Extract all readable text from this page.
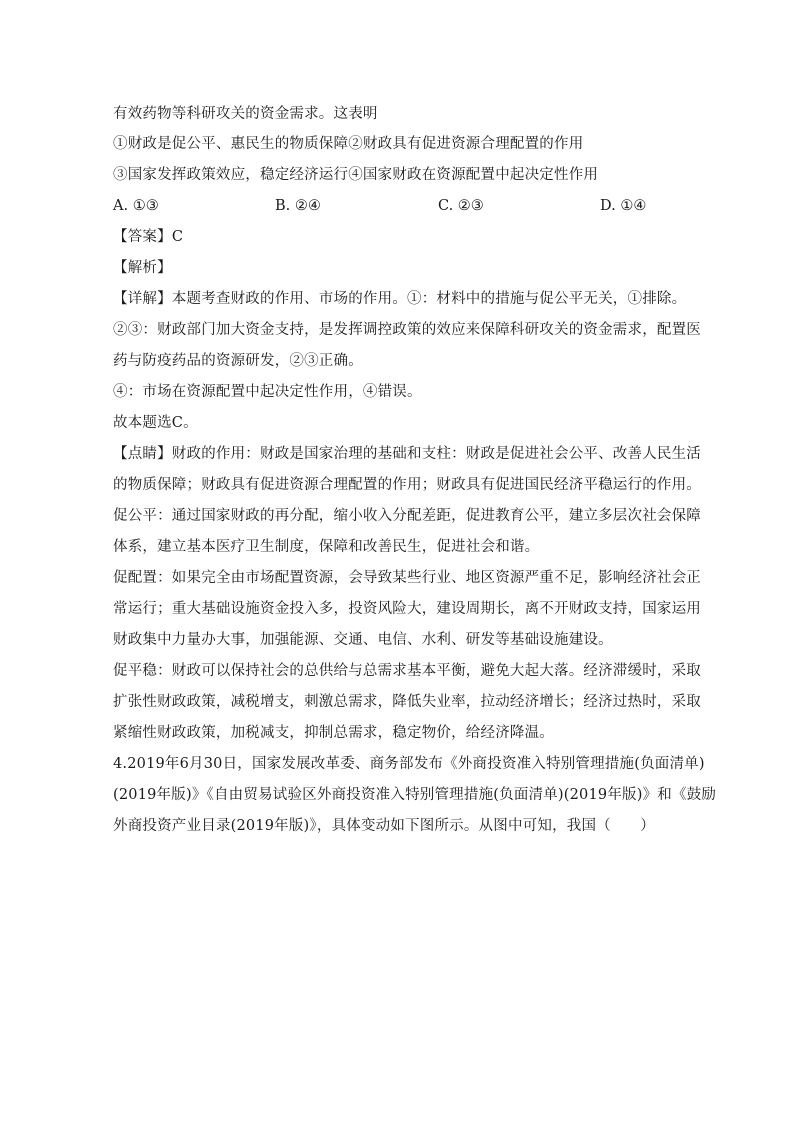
有效药物等科研攻关的资金需求。这表明
①财政是促公平、惠民生的物质保障②财政具有促进资源合理配置的作用
③国家发挥政策效应，稳定经济运行④国家财政在资源配置中起决定性作用
A. ①③	B. ②④	C. ②③	D. ①④
【答案】C
【解析】
【详解】本题考查财政的作用、市场的作用。①：材料中的措施与促公平无关，①排除。
②③：财政部门加大资金支持，是发挥调控政策的效应来保障科研攻关的资金需求，配置医
药与防疫药品的资源研发，②③正确。
④：市场在资源配置中起决定性作用，④错误。
故本题选C。
【点睛】财政的作用：财政是国家治理的基础和支柱：财政是促进社会公平、改善人民生活
的物质保障；财政具有促进资源合理配置的作用；财政具有促进国民经济平稳运行的作用。
促公平：通过国家财政的再分配，缩小收入分配差距，促进教育公平，建立多层次社会保障
体系，建立基本医疗卫生制度，保障和改善民生，促进社会和谐。
促配置：如果完全由市场配置资源，会导致某些行业、地区资源严重不足，影响经济社会正
常运行；重大基础设施资金投入多，投资风险大，建设周期长，离不开财政支持，国家运用
财政集中力量办大事，加强能源、交通、电信、水利、研发等基础设施建设。
促平稳：财政可以保持社会的总供给与总需求基本平衡，避免大起大落。经济滞缓时，采取
扩张性财政政策，减税增支，刺激总需求，降低失业率，拉动经济增长；经济过热时，采取
紧缩性财政政策，加税减支，抑制总需求，稳定物价，给经济降温。
4.2019年6月30日，国家发展改革委、商务部发布《外商投资准入特别管理措施(负面清单)
(2019年版)》《自由贸易试验区外商投资准入特别管理措施(负面清单)(2019年版)》和《鼓励
外商投资产业目录(2019年版)》，具体变动如下图所示。从图中可知，我国（　　）
